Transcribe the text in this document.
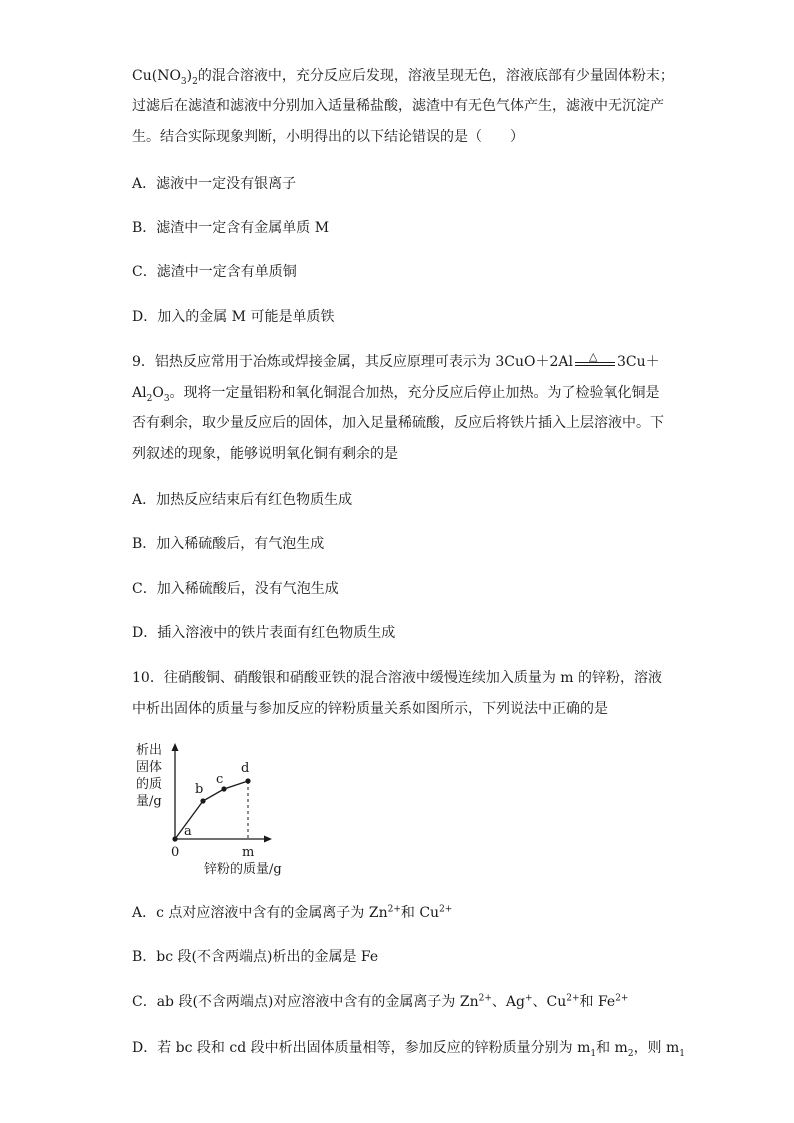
$Cu(NO_3)_2$的混合溶液中，充分反应后发现，溶液呈现无色，溶液底部有少量固体粉末；
过滤后在滤渣和滤液中分别加入适量稀盐酸，滤渣中有无色气体产生，滤液中无沉淀产
生。结合实际现象判断，小明得出的以下结论错误的是（　　）
A．滤液中一定没有银离子
B．滤渣中一定含有金属单质 M
C．滤渣中一定含有单质铜
D．加入的金属 M 可能是单质铁
9．铝热反应常用于冶炼或焊接金属，其反应原理可表示为 3CuO＋2Al △ 3Cu＋
$Al_2O_3$。现将一定量铝粉和氧化铜混合加热，充分反应后停止加热。为了检验氧化铜是
否有剩余，取少量反应后的固体，加入足量稀硫酸，反应后将铁片插入上层溶液中。下
列叙述的现象，能够说明氧化铜有剩余的是
A．加热反应结束后有红色物质生成
B．加入稀硫酸后，有气泡生成
C．加入稀硫酸后，没有气泡生成
D．插入溶液中的铁片表面有红色物质生成
10．往硝酸铜、硝酸银和硝酸亚铁的混合溶液中缓慢连续加入质量为 m 的锌粉，溶液
中析出固体的质量与参加反应的锌粉质量关系如图所示，下列说法中正确的是
析出
固体
的质
量/g
a
b
c
d
0	m
锌粉的质量/g
A．c 点对应溶液中含有的金属离子为 $Zn^{2+}$和 $Cu^{2+}$
B．bc 段(不含两端点)析出的金属是 Fe
C．ab 段(不含两端点)对应溶液中含有的金属离子为 $Zn^{2+}$、Ag+、$Cu^{2+}$和 $Fe^{2+}$
D．若 bc 段和 cd 段中析出固体质量相等，参加反应的锌粉质量分别为 $m_1$和 $m_2$，则 $m_1$
